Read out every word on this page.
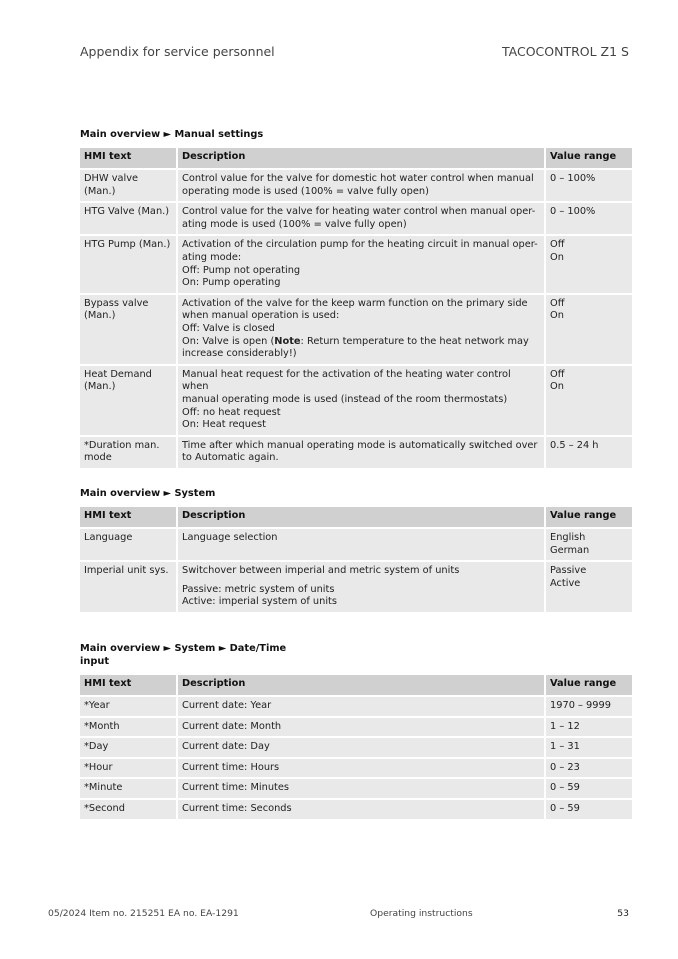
Appendix for service personnel	TACOCONTROL Z1 S
Main overview ► Manual settings
HMI text	Description	Value range

DHW valve (Man.)	Control value for the valve for domestic hot water control when manual
operating mode is used (100% = valve fully open)	0 – 100%

HTG Valve (Man.)	Control value for the valve for heating water control when manual oper-
ating mode is used (100% = valve fully open)	0 – 100%

HTG Pump (Man.)	Activation of the circulation pump for the heating circuit in manual oper-
ating mode:
Off: Pump not operating
On: Pump operating	Off
On

Bypass valve
(Man.)	Activation of the valve for the keep warm function on the primary side
when manual operation is used:
Off: Valve is closed
On: Valve is open (Note: Return temperature to the heat network may
increase considerably!)	Off
On

Heat Demand
(Man.)	Manual heat request for the activation of the heating water control when
manual operating mode is used (instead of the room thermostats)
Off: no heat request
On: Heat request	Off
On

*Duration man.
mode	Time after which manual operating mode is automatically switched over
to Automatic again.	0.5 – 24 h
Main overview ► System
HMI text	Description	Value range
Language	Language selection	English
German

Imperial unit sys.	Switchover between imperial and metric system of units
Passive: metric system of units
Active: imperial system of units	Passive
Active
Main overview ► System ► Date/Time
input
HMI text	Description	Value range
*Year	Current date: Year	1970 – 9999
*Month	Current date: Month	1 – 12
*Day	Current date: Day	1 – 31
*Hour	Current time: Hours	0 – 23
*Minute	Current time: Minutes	0 – 59
*Second	Current time: Seconds	0 – 59
05/2024 Item no. 215251 EA no. EA-1291	Operating instructions	53
